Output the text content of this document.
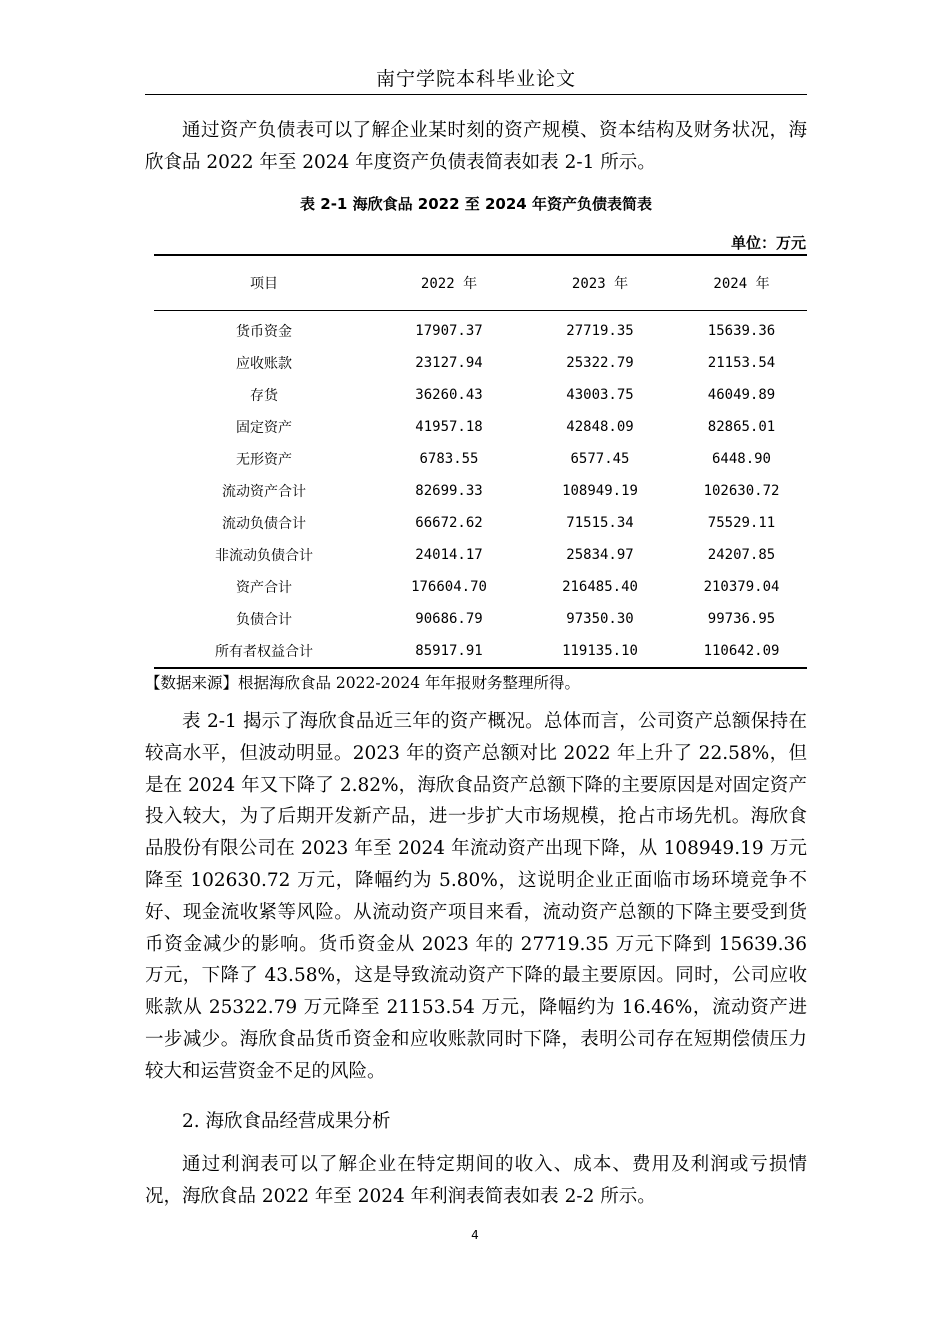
南宁学院本科毕业论文

通过资产负债表可以了解企业某时刻的资产规模、资本结构及财务状况，海欣食品 2022 年至 2024 年度资产负债表简表如表 2-1 所示。

表 2-1 海欣食品 2022 至 2024 年资产负债表简表
单位：万元
项目	2022 年	2023 年	2024 年
货币资金	17907.37	27719.35	15639.36
应收账款	23127.94	25322.79	21153.54
存货	36260.43	43003.75	46049.89
固定资产	41957.18	42848.09	82865.01
无形资产	6783.55	6577.45	6448.90
流动资产合计	82699.33	108949.19	102630.72
流动负债合计	66672.62	71515.34	75529.11
非流动负债合计	24014.17	25834.97	24207.85
资产合计	176604.70	216485.40	210379.04
负债合计	90686.79	97350.30	99736.95
所有者权益合计	85917.91	119135.10	110642.09
【数据来源】根据海欣食品 2022-2024 年年报财务整理所得。

表 2-1 揭示了海欣食品近三年的资产概况。总体而言，公司资产总额保持在较高水平，但波动明显。2023 年的资产总额对比 2022 年上升了 22.58%，但是在 2024 年又下降了 2.82%，海欣食品资产总额下降的主要原因是对固定资产投入较大，为了后期开发新产品，进一步扩大市场规模，抢占市场先机。海欣食品股份有限公司在 2023 年至 2024 年流动资产出现下降，从 108949.19 万元降至 102630.72 万元，降幅约为 5.80%，这说明企业正面临市场环境竞争不好、现金流收紧等风险。从流动资产项目来看，流动资产总额的下降主要受到货币资金减少的影响。货币资金从 2023 年的 27719.35 万元下降到 15639.36 万元，下降了 43.58%，这是导致流动资产下降的最主要原因。同时，公司应收账款从 25322.79 万元降至 21153.54 万元，降幅约为 16.46%，流动资产进一步减少。海欣食品货币资金和应收账款同时下降，表明公司存在短期偿债压力较大和运营资金不足的风险。

2. 海欣食品经营成果分析

通过利润表可以了解企业在特定期间的收入、成本、费用及利润或亏损情况，海欣食品 2022 年至 2024 年利润表简表如表 2-2 所示。

4
